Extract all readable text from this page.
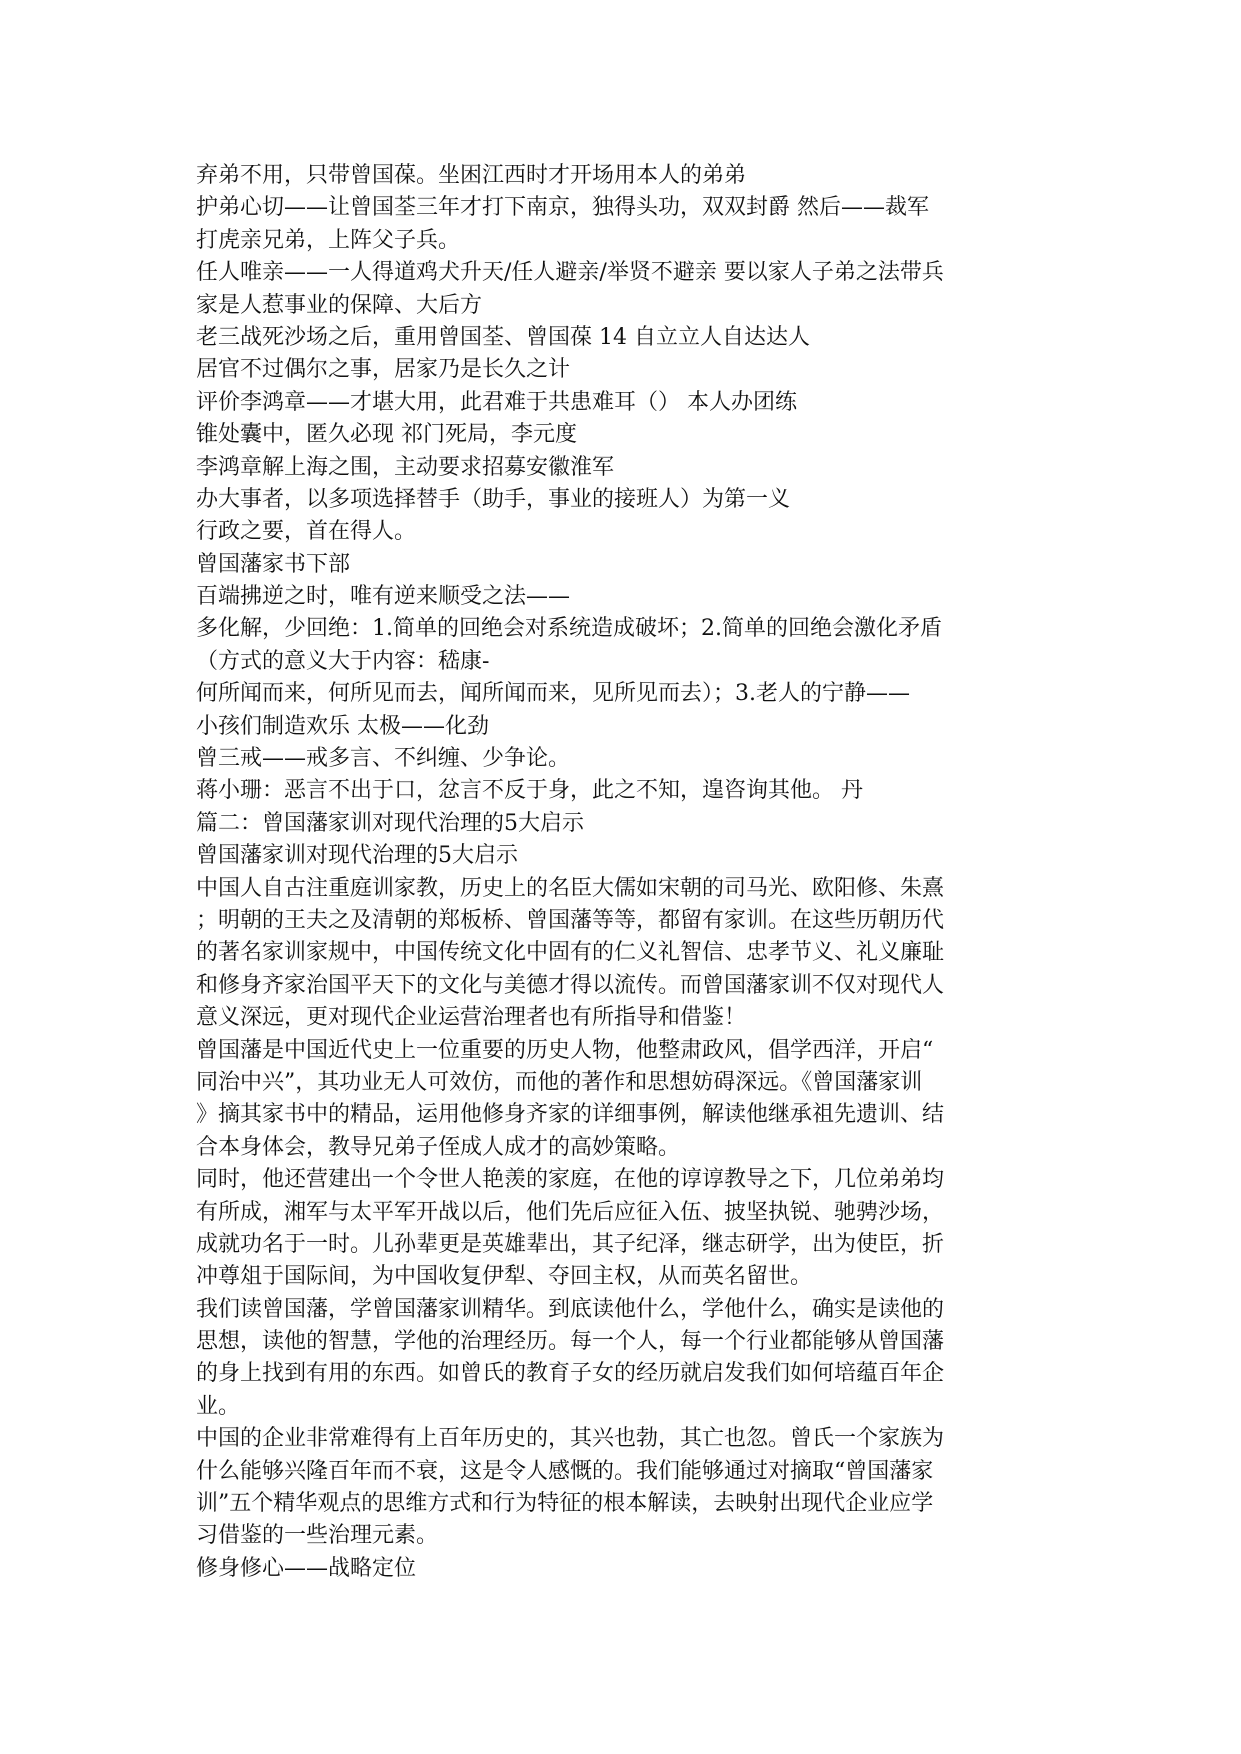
弃弟不用，只带曾国葆。坐困江西时才开场用本人的弟弟
护弟心切——让曾国荃三年才打下南京，独得头功，双双封爵 然后——裁军
打虎亲兄弟，上阵父子兵。
任人唯亲——一人得道鸡犬升天/任人避亲/举贤不避亲 要以家人子弟之法带兵
家是人惹事业的保障、大后方
老三战死沙场之后，重用曾国荃、曾国葆 14 自立立人自达达人
居官不过偶尔之事，居家乃是长久之计
评价李鸿章——才堪大用，此君难于共患难耳（） 本人办团练
锥处囊中，匿久必现 祁门死局，李元度
李鸿章解上海之围，主动要求招募安徽淮军
办大事者，以多项选择替手（助手，事业的接班人）为第一义
行政之要，首在得人。
曾国藩家书下部
百端拂逆之时，唯有逆来顺受之法——
多化解，少回绝：1.简单的回绝会对系统造成破坏；2.简单的回绝会激化矛盾
（方式的意义大于内容：嵇康-
何所闻而来，何所见而去，闻所闻而来，见所见而去）；3.老人的宁静——
小孩们制造欢乐 太极——化劲
曾三戒——戒多言、不纠缠、少争论。
蒋小珊：恶言不出于口，忿言不反于身，此之不知，遑咨询其他。 丹
篇二：曾国藩家训对现代治理的5大启示
曾国藩家训对现代治理的5大启示
中国人自古注重庭训家教，历史上的名臣大儒如宋朝的司马光、欧阳修、朱熹
；明朝的王夫之及清朝的郑板桥、曾国藩等等，都留有家训。在这些历朝历代
的著名家训家规中，中国传统文化中固有的仁义礼智信、忠孝节义、礼义廉耻
和修身齐家治国平天下的文化与美德才得以流传。而曾国藩家训不仅对现代人
意义深远，更对现代企业运营治理者也有所指导和借鉴！
曾国藩是中国近代史上一位重要的历史人物，他整肃政风，倡学西洋，开启“
同治中兴”，其功业无人可效仿，而他的著作和思想妨碍深远。《曾国藩家训
》摘其家书中的精品，运用他修身齐家的详细事例，解读他继承祖先遗训、结
合本身体会，教导兄弟子侄成人成才的高妙策略。
同时，他还营建出一个令世人艳羡的家庭，在他的谆谆教导之下，几位弟弟均
有所成，湘军与太平军开战以后，他们先后应征入伍、披坚执锐、驰骋沙场，
成就功名于一时。儿孙辈更是英雄辈出，其子纪泽，继志研学，出为使臣，折
冲尊俎于国际间，为中国收复伊犁、夺回主权，从而英名留世。
我们读曾国藩，学曾国藩家训精华。到底读他什么，学他什么，确实是读他的
思想，读他的智慧，学他的治理经历。每一个人，每一个行业都能够从曾国藩
的身上找到有用的东西。如曾氏的教育子女的经历就启发我们如何培蕴百年企
业。
中国的企业非常难得有上百年历史的，其兴也勃，其亡也忽。曾氏一个家族为
什么能够兴隆百年而不衰，这是令人感慨的。我们能够通过对摘取“曾国藩家
训”五个精华观点的思维方式和行为特征的根本解读，去映射出现代企业应学
习借鉴的一些治理元素。
修身修心——战略定位
